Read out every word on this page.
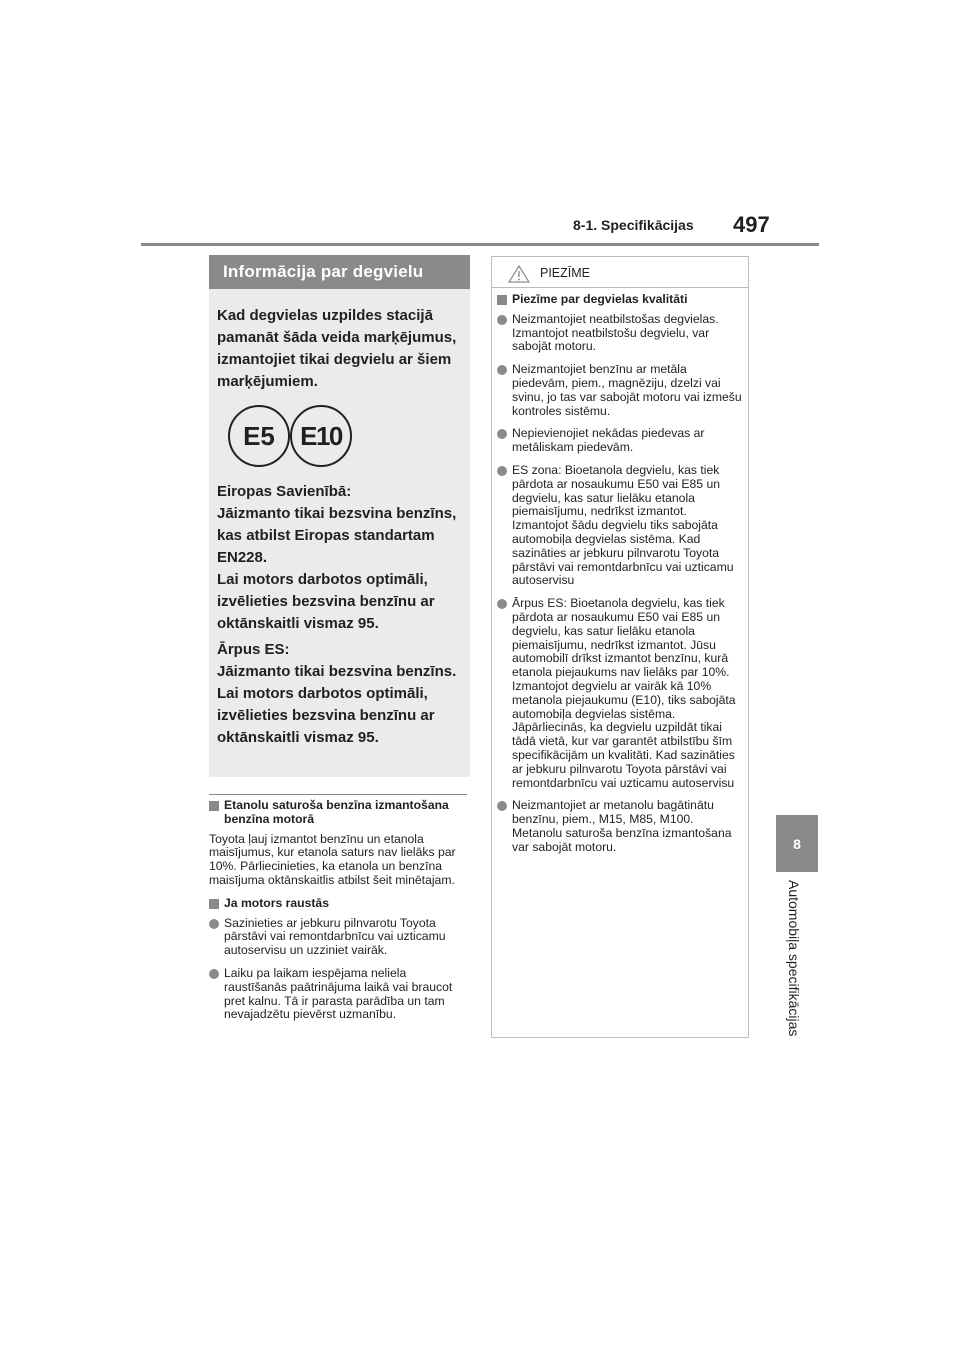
8-1. Specifikācijas 497
8
Automobiļa specifikācijas
Informācija par degvielu

Kad degvielas uzpildes stacijā pamanāt šāda veida marķējumus, izmantojiet tikai degvielu ar šiem marķējumiem.

E5 E10

Eiropas Savienībā:

Jāizmanto tikai bezsvina benzīns, kas atbilst Eiropas standartam EN228.

Lai motors darbotos optimāli, izvēlieties bezsvina benzīnu ar oktānskaitli vismaz 95.

Ārpus ES:

Jāizmanto tikai bezsvina benzīns.

Lai motors darbotos optimāli, izvēlieties bezsvina benzīnu ar oktānskaitli vismaz 95.

Etanolu saturoša benzīna izmantošana benzīna motorā

Toyota ļauj izmantot benzīnu un etanola maisījumus, kur etanola saturs nav lielāks par 10%. Pārliecinieties, ka etanola un benzīna maisījuma oktānskaitlis atbilst šeit minētajam.

Ja motors raustās
Sazinieties ar jebkuru pilnvarotu Toyota pārstāvi vai remontdarbnīcu vai uzticamu autoservisu un uzziniet vairāk.
Laiku pa laikam iespējama neliela raustīšanās paātrinājuma laikā vai braucot pret kalnu. Tā ir parasta parādība un tam nevajadzētu pievērst uzmanību.
PIEZĪME
Piezīme par degvielas kvalitāti
Neizmantojiet neatbilstošas degvielas. Izmantojot neatbilstošu degvielu, var sabojāt motoru.
Neizmantojiet benzīnu ar metāla piedevām, piem., magnēziju, dzelzi vai svinu, jo tas var sabojāt motoru vai izmešu kontroles sistēmu.
Nepievienojiet nekādas piedevas ar metāliskam piedevām.
ES zona: Bioetanola degvielu, kas tiek pārdota ar nosaukumu E50 vai E85 un degvielu, kas satur lielāku etanola piemaisījumu, nedrīkst izmantot. Izmantojot šādu degvielu tiks sabojāta automobiļa degvielas sistēma. Kad sazināties ar jebkuru pilnvarotu Toyota pārstāvi vai remontdarbnīcu vai uzticamu autoservisu
Ārpus ES: Bioetanola degvielu, kas tiek pārdota ar nosaukumu E50 vai E85 un degvielu, kas satur lielāku etanola piemaisījumu, nedrīkst izmantot. Jūsu automobilī drīkst izmantot benzīnu, kurā etanola piejaukums nav lielāks par 10%. Izmantojot degvielu ar vairāk kā 10% metanola piejaukumu (E10), tiks sabojāta automobiļa degvielas sistēma. Jāpārliecinās, ka degvielu uzpildāt tikai tādā vietā, kur var garantēt atbilstību šīm specifikācijām un kvalitāti. Kad sazināties ar jebkuru pilnvarotu Toyota pārstāvi vai remontdarbnīcu vai uzticamu autoservisu
Neizmantojiet ar metanolu bagātinātu benzīnu, piem., M15, M85, M100. Metanolu saturoša benzīna izmantošana var sabojāt motoru.
